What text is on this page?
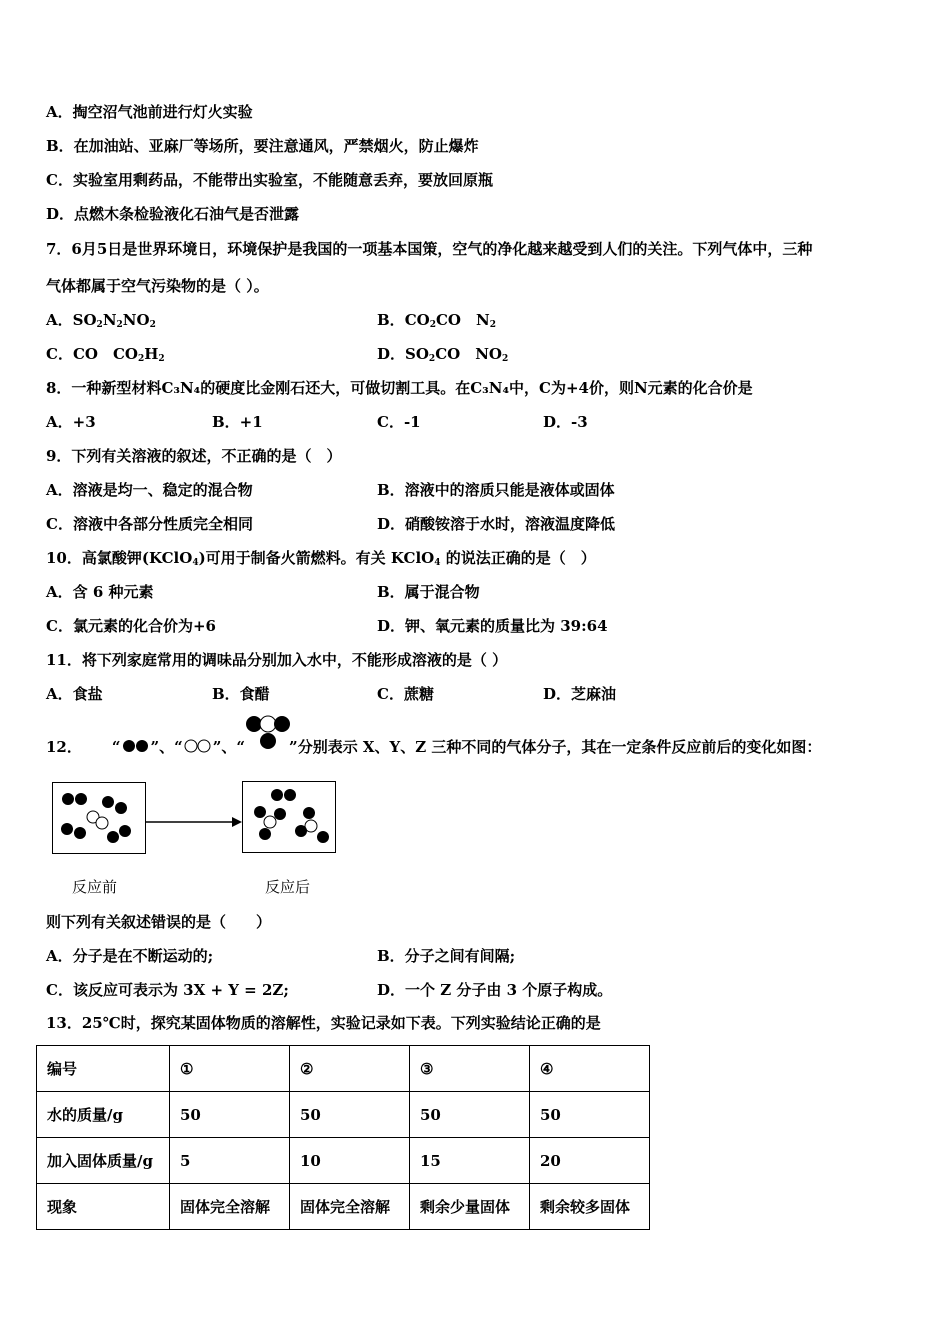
A．掏空沼气池前进行灯火实验
B．在加油站、亚麻厂等场所，要注意通风，严禁烟火，防止爆炸
C．实验室用剩药品，不能带出实验室，不能随意丢弃，要放回原瓶
D．点燃木条检验液化石油气是否泄露
7．6月5日是世界环境日，环境保护是我国的一项基本国策，空气的净化越来越受到人们的关注。下列气体中，三种
气体都属于空气污染物的是（ ）。
A．$SO_2N_2NO_2$	B．$CO_2CO$　$N_2$
C．CO　$CO_2H_2$	D．$SO_2CO$　$NO_2$
8．一种新型材料C₃N₄的硬度比金刚石还大，可做切割工具。在C₃N₄中，C为+4价，则N元素的化合价是
A．+3	B．+1	C．-1	D．-3
9．下列有关溶液的叙述，不正确的是（　）
A．溶液是均一、稳定的混合物	B．溶液中的溶质只能是液体或固体
C．溶液中各部分性质完全相同	D．硝酸铵溶于水时，溶液温度降低
10．高氯酸钾(KClO$_4$)可用于制备火箭燃料。有关 KClO$_4$ 的说法正确的是（　）
A．含 6 种元素	B．属于混合物
C．氯元素的化合价为+6	D．钾、氧元素的质量比为 39:64
11．将下列家庭常用的调味品分别加入水中，不能形成溶液的是（ ）
A．食盐	B．食醋	C．蔗糖	D．芝麻油
12． “ ”、“ ”、“	”分别表示 X、Y、Z 三种不同的气体分子，其在一定条件反应前后的变化如图：
反应前	反应后
则下列有关叙述错误的是（　　）
A．分子是在不断运动的;	B．分子之间有间隔;
C．该反应可表示为 3X + Y = 2Z;	D．一个 Z 分子由 3 个原子构成。
13．25℃时，探究某固体物质的溶解性，实验记录如下表。下列实验结论正确的是
编号	①	②	③	④
水的质量/g	50	50	50	50
加入固体质量/g	5	10	15	20
现象	固体完全溶解	固体完全溶解	剩余少量固体	剩余较多固体
